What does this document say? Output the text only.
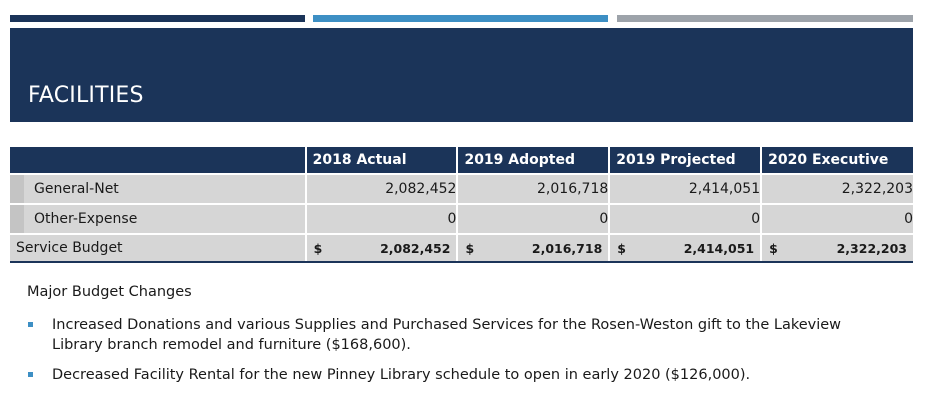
FACILITIES
	2018 Actual	2019 Adopted	2019 Projected	2020 Executive

General-Net	2,082,452	2,016,718	2,414,051	2,322,203

Other-Expense	0	0	0	0
Service Budget	$ 2,082,452	$ 2,016,718	$ 2,414,051	$ 2,322,203
Major Budget Changes
Increased Donations and various Supplies and Purchased Services for the Rosen-Weston gift to the Lakeview Library branch remodel and furniture ($168,600).
Decreased Facility Rental for the new Pinney Library schedule to open in early 2020 ($126,000).
